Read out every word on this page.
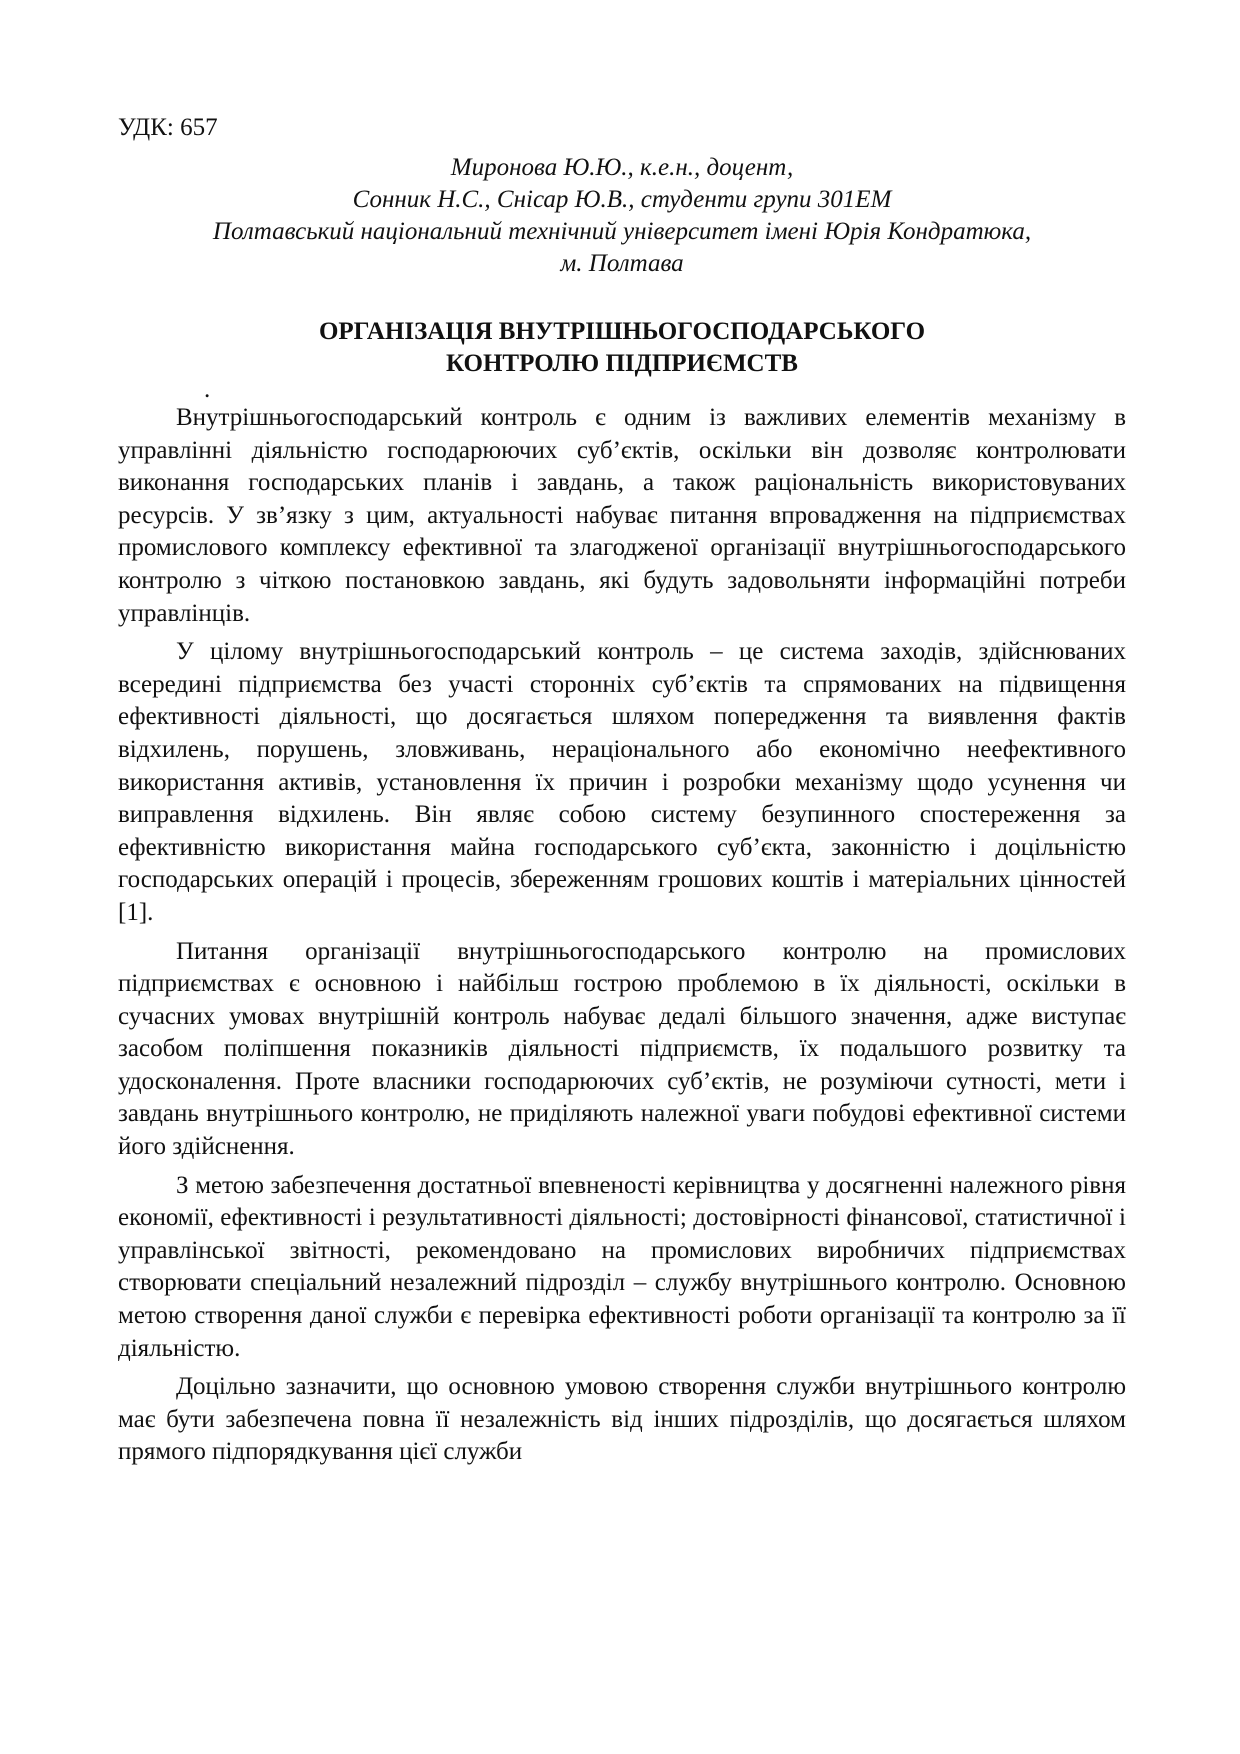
УДК: 657

Миронова Ю.Ю., к.е.н., доцент,
Сонник Н.С., Снісар Ю.В., студенти групи 301ЕМ
Полтавський національний технічний університет імені Юрія Кондратюка,
м. Полтава
ОРГАНІЗАЦІЯ ВНУТРІШНЬОГОСПОДАРСЬКОГО
КОНТРОЛЮ ПІДПРИЄМСТВ
.

Внутрішньогосподарський контроль є одним із важливих елементів механізму в управлінні діяльністю господарюючих суб’єктів, оскільки він дозволяє контролювати виконання господарських планів і завдань, а також раціональність використовуваних ресурсів. У зв’язку з цим, актуальності набуває питання впровадження на підприємствах промислового комплексу ефективної та злагодженої організації внутрішньогосподарського контролю з чіткою постановкою завдань, які будуть задовольняти інформаційні потреби управлінців.

У цілому внутрішньогосподарський контроль – це система заходів, здійснюваних всередині підприємства без участі сторонніх суб’єктів та спрямованих на підвищення ефективності діяльності, що досягається шляхом попередження та виявлення фактів відхилень, порушень, зловживань, нераціонального або економічно неефективного використання активів, установлення їх причин і розробки механізму щодо усунення чи виправлення відхилень. Він являє собою систему безупинного спостереження за ефективністю використання майна господарського суб’єкта, законністю і доцільністю господарських операцій і процесів, збереженням грошових коштів і матеріальних цінностей [1].

Питання організації внутрішньогосподарського контролю на промислових підприємствах є основною і найбільш гострою проблемою в їх діяльності, оскільки в сучасних умовах внутрішній контроль набуває дедалі більшого значення, адже виступає засобом поліпшення показників діяльності підприємств, їх подальшого розвитку та удосконалення. Проте власники господарюючих суб’єктів, не розуміючи сутності, мети і завдань внутрішнього контролю, не приділяють належної уваги побудові ефективної системи його здійснення.

З метою забезпечення достатньої впевненості керівництва у досягненні належного рівня економії, ефективності і результативності діяльності; достовірності фінансової, статистичної і управлінської звітності, рекомендовано на промислових виробничих підприємствах створювати спеціальний незалежний підрозділ – службу внутрішнього контролю. Основною метою створення даної служби є перевірка ефективності роботи організації та контролю за її діяльністю.

Доцільно зазначити, що основною умовою створення служби внутрішнього контролю має бути забезпечена повна її незалежність від інших підрозділів, що досягається шляхом прямого підпорядкування цієї служби
